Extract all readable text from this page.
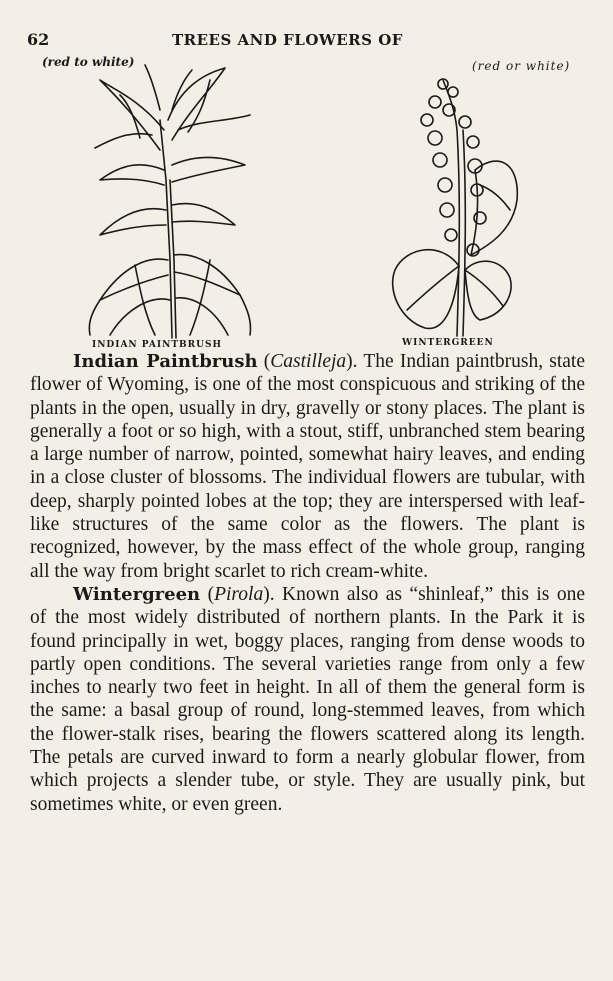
62	TREES AND FLOWERS OF
(red to white)	(red or white)
INDIAN PAINTBRUSH	WINTERGREEN

Indian Paintbrush (Castilleja). The Indian paintbrush, state flower of Wyoming, is one of the most conspicuous and striking of the plants in the open, usually in dry, gravelly or stony places. The plant is generally a foot or so high, with a stout, stiff, unbranched stem bearing a large number of narrow, pointed, somewhat hairy leaves, and ending in a close cluster of blossoms. The individual flowers are tubular, with deep, sharply pointed lobes at the top; they are interspersed with leaf-like structures of the same color as the flowers. The plant is recognized, however, by the mass effect of the whole group, ranging all the way from bright scarlet to rich cream-white.

Wintergreen (Pirola). Known also as “shinleaf,” this is one of the most widely distributed of northern plants. In the Park it is found principally in wet, boggy places, ranging from dense woods to partly open conditions. The several varieties range from only a few inches to nearly two feet in height. In all of them the general form is the same: a basal group of round, long-stemmed leaves, from which the flower-stalk rises, bearing the flowers scattered along its length. The petals are curved inward to form a nearly globular flower, from which projects a slender tube, or style. They are usually pink, but sometimes white, or even green.
